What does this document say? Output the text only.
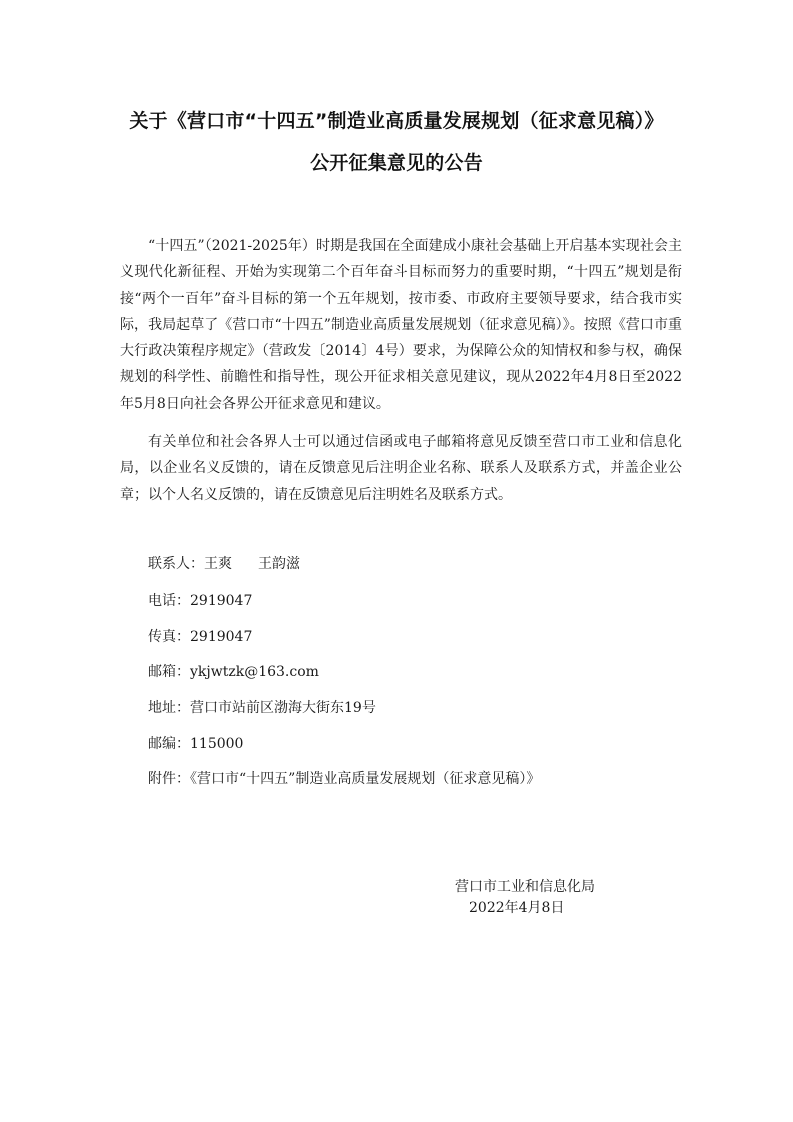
关于《营口市“十四五”制造业高质量发展规划（征求意见稿）》
公开征集意见的公告

“十四五”（2021-2025年）时期是我国在全面建成小康社会基础上开启基本实现社会主义现代化新征程、开始为实现第二个百年奋斗目标而努力的重要时期，“十四五”规划是衔接“两个一百年”奋斗目标的第一个五年规划，按市委、市政府主要领导要求，结合我市实际，我局起草了《营口市“十四五”制造业高质量发展规划（征求意见稿）》。按照《营口市重大行政决策程序规定》（营政发〔2014〕4号）要求，为保障公众的知情权和参与权，确保规划的科学性、前瞻性和指导性，现公开征求相关意见建议，现从2022年4月8日至2022年5月8日向社会各界公开征求意见和建议。

有关单位和社会各界人士可以通过信函或电子邮箱将意见反馈至营口市工业和信息化局，以企业名义反馈的，请在反馈意见后注明企业名称、联系人及联系方式，并盖企业公章；以个人名义反馈的，请在反馈意见后注明姓名及联系方式。

联系人：王爽 王韵滋
电话：2919047
传真：2919047
邮箱：ykjwtzk@163.com
地址：营口市站前区渤海大街东19号
邮编：115000
附件：《营口市“十四五”制造业高质量发展规划（征求意见稿）》
营口市工业和信息化局
2022年4月8日
